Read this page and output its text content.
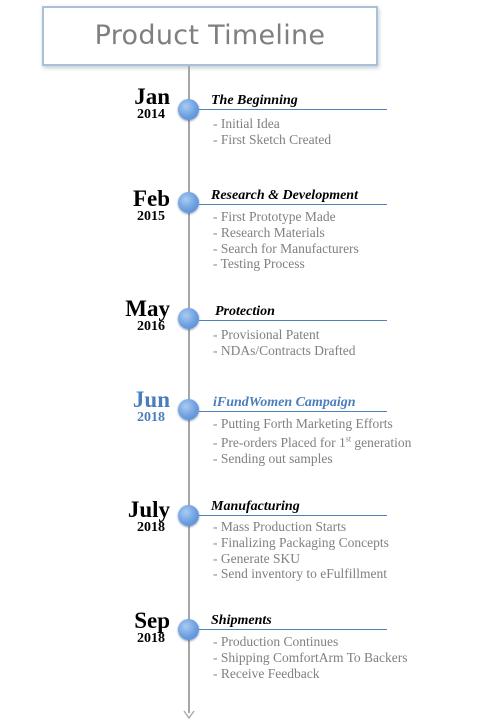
Product Timeline
Jan
2014
The Beginning
- Initial Idea
- First Sketch Created
Feb
2015
Research & Development
- First Prototype Made
- Research Materials
- Search for Manufacturers
- Testing Process
May
2016
Protection
- Provisional Patent
- NDAs/Contracts Drafted
Jun
2018
iFundWomen Campaign
- Putting Forth Marketing Efforts
- Pre-orders Placed for 1st generation
- Sending out samples
July
2018
Manufacturing
- Mass Production Starts
- Finalizing Packaging Concepts
- Generate SKU
- Send inventory to eFulfillment
Sep
2018
Shipments
- Production Continues
- Shipping ComfortArm To Backers
- Receive Feedback
